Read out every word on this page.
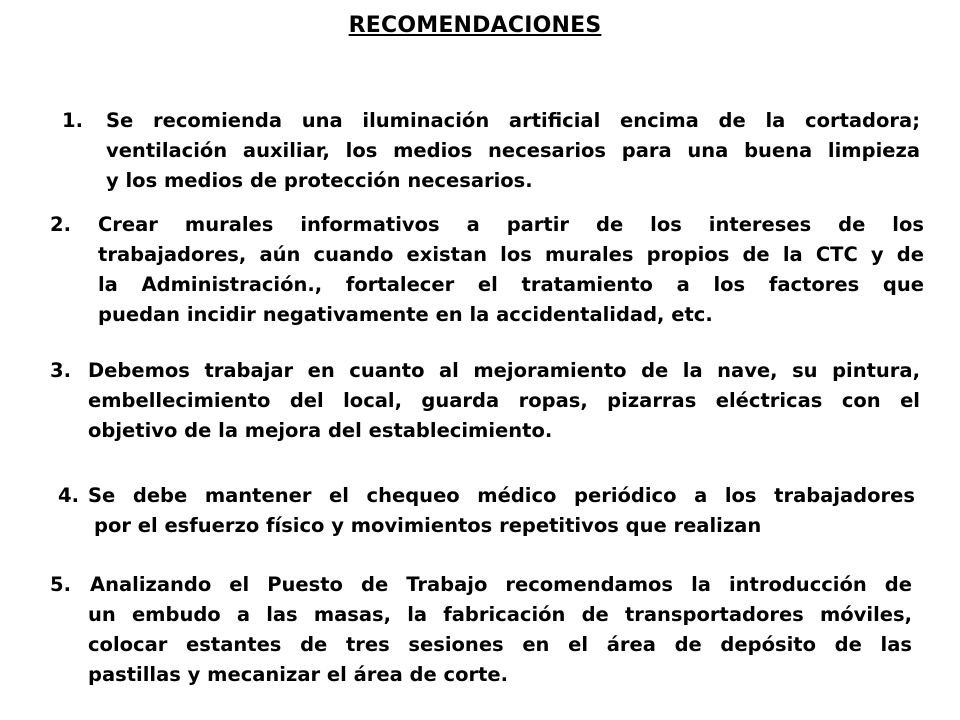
RECOMENDACIONES
1. Se recomienda una iluminación artificial encima de la cortadora;
ventilación auxiliar, los medios necesarios para una buena limpieza
y los medios de protección necesarios.
2. Crear murales informativos a partir de los intereses de los
trabajadores, aún cuando existan los murales propios de la CTC y de
la Administración., fortalecer el tratamiento a los factores que
puedan incidir negativamente en la accidentalidad, etc.
3. Debemos trabajar en cuanto al mejoramiento de la nave, su pintura,
embellecimiento del local, guarda ropas, pizarras eléctricas con el
objetivo de la mejora del establecimiento.
4. Se debe mantener el chequeo médico periódico a los trabajadores
por el esfuerzo físico y movimientos repetitivos que realizan
5. Analizando el Puesto de Trabajo recomendamos la introducción de
un embudo a las masas, la fabricación de transportadores móviles,
colocar estantes de tres sesiones en el área de depósito de las
pastillas y mecanizar el área de corte.
